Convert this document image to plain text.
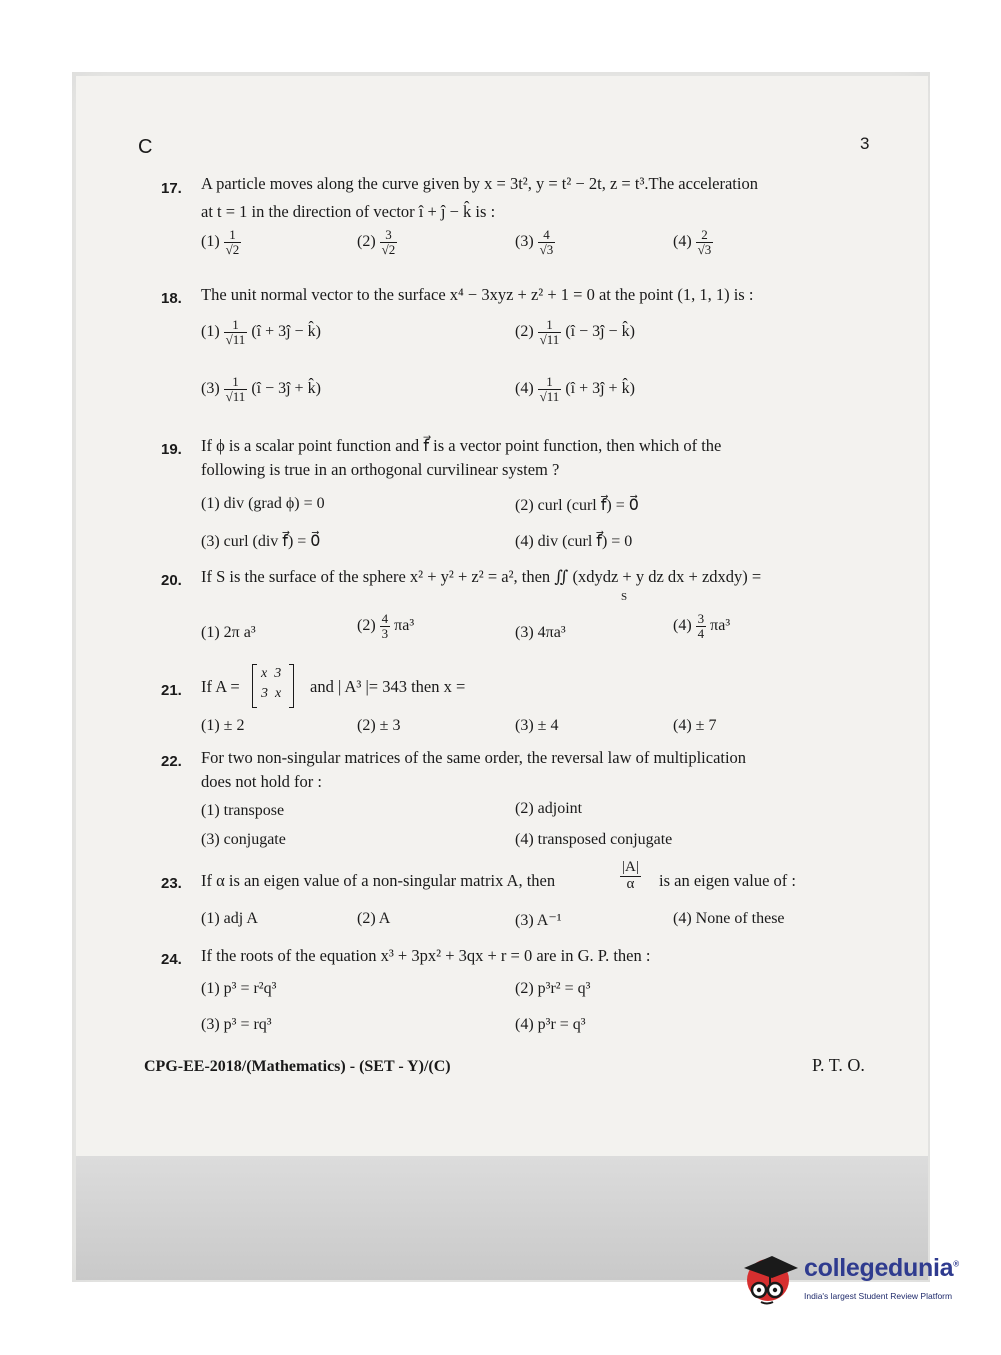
C	3
17. A particle moves along the curve given by x = 3t², y = t² − 2t, z = t³.The acceleration
at t = 1 in the direction of vector î + ĵ − k̂ is :
$(1) \frac{1}{√2}$	$(2) \frac{3}{√2}$	$(3) \frac{4}{√3}$	$(4) \frac{2}{√3}$
18. The unit normal vector to the surface x⁴ − 3xyz + z² + 1 = 0 at the point (1, 1, 1) is :
$(1) \frac{1}{√11}$ (î + 3ĵ − k̂)	$(2) \frac{1}{√11}$ (î − 3ĵ − k̂)
$(3) \frac{1}{√11}$ (î − 3ĵ + k̂)	$(4) \frac{1}{√11}$ (î + 3ĵ + k̂)
19. If ϕ is a scalar point function and f⃗ is a vector point function, then which of the
following is true in an orthogonal curvilinear system ?
(1) div (grad ϕ) = 0	(2) curl (curl f⃗) = 0⃗
(3) curl (div f⃗) = 0⃗	(4) div (curl f⃗) = 0
20. If S is the surface of the sphere x² + y² + z² = a², then ∬ (xdydz + y dz dx + zdxdy) =
S
(1) 2π a³	$(2) \frac{4}{3} \pi a^3$	(3) 4πa³	$(4) \frac{3}{4} \pi a^3$
21. If A =
x  3
3  x and | A³ |= 343 then x =
(1) ± 2	(2) ± 3	(3) ± 4	(4) ± 7
22. For two non-singular matrices of the same order, the reversal law of multiplication
does not hold for :
(1) transpose	(2) adjoint
(3) conjugate	(4) transposed conjugate
23. If α is an eigen value of a non-singular matrix A, then	$\frac{|A|}{\alpha}$ is an eigen value of :
(1) adj A	(2) A	(3) A⁻¹	(4) None of these
24. If the roots of the equation x³ + 3px² + 3qx + r = 0 are in G. P. then :
(1) p³ = r²q³	(2) p³r² = q³
(3) p³ = rq³	(4) p³r = q³
CPG-EE-2018/(Mathematics) - (SET - Y)/(C)	P. T. O.
collegedunia®
India's largest Student Review Platform
